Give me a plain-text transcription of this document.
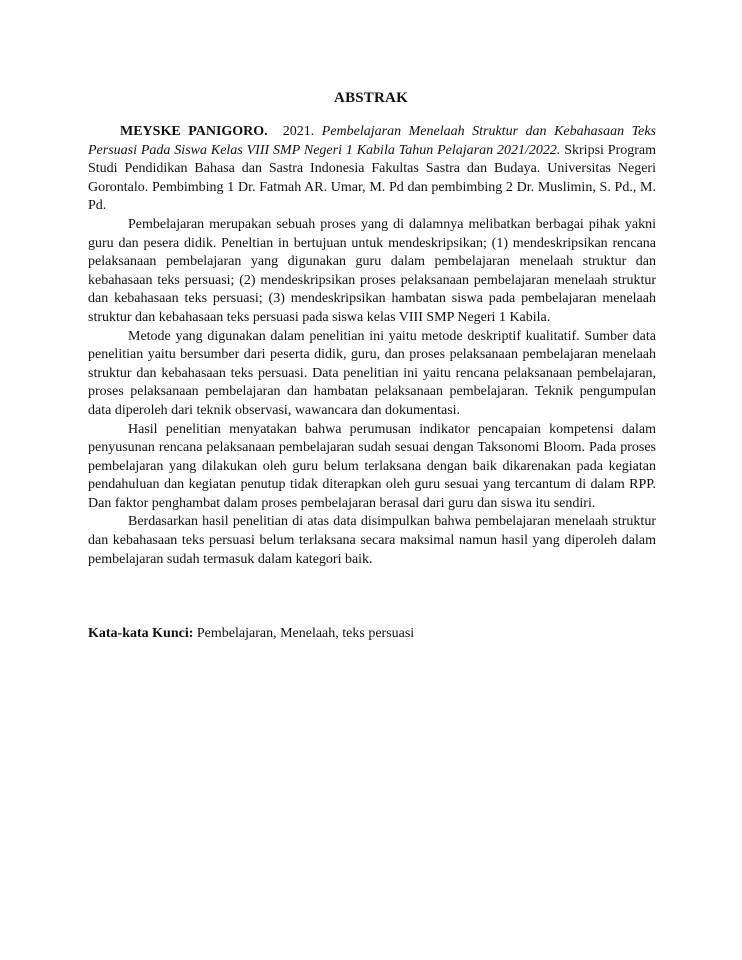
ABSTRAK

MEYSKE PANIGORO. 2021. Pembelajaran Menelaah Struktur dan Kebahasaan Teks Persuasi Pada Siswa Kelas VIII SMP Negeri 1 Kabila Tahun Pelajaran 2021/2022. Skripsi Program Studi Pendidikan Bahasa dan Sastra Indonesia Fakultas Sastra dan Budaya. Universitas Negeri Gorontalo. Pembimbing 1 Dr. Fatmah AR. Umar, M. Pd dan pembimbing 2 Dr. Muslimin, S. Pd., M. Pd.

Pembelajaran merupakan sebuah proses yang di dalamnya melibatkan berbagai pihak yakni guru dan pesera didik. Peneltian in bertujuan untuk mendeskripsikan; (1) mendeskripsikan rencana pelaksanaan pembelajaran yang digunakan guru dalam pembelajaran menelaah struktur dan kebahasaan teks persuasi; (2) mendeskripsikan proses pelaksanaan pembelajaran menelaah struktur dan kebahasaan teks persuasi; (3) mendeskripsikan hambatan siswa pada pembelajaran menelaah struktur dan kebahasaan teks persuasi pada siswa kelas VIII SMP Negeri 1 Kabila.

Metode yang digunakan dalam penelitian ini yaitu metode deskriptif kualitatif. Sumber data penelitian yaitu bersumber dari peserta didik, guru, dan proses pelaksanaan pembelajaran menelaah struktur dan kebahasaan teks persuasi. Data penelitian ini yaitu rencana pelaksanaan pembelajaran, proses pelaksanaan pembelajaran dan hambatan pelaksanaan pembelajaran. Teknik pengumpulan data diperoleh dari teknik observasi, wawancara dan dokumentasi.

Hasil penelitian menyatakan bahwa perumusan indikator pencapaian kompetensi dalam penyusunan rencana pelaksanaan pembelajaran sudah sesuai dengan Taksonomi Bloom. Pada proses pembelajaran yang dilakukan oleh guru belum terlaksana dengan baik dikarenakan pada kegiatan pendahuluan dan kegiatan penutup tidak diterapkan oleh guru sesuai yang tercantum di dalam RPP. Dan faktor penghambat dalam proses pembelajaran berasal dari guru dan siswa itu sendiri.

Berdasarkan hasil penelitian di atas data disimpulkan bahwa pembelajaran menelaah struktur dan kebahasaan teks persuasi belum terlaksana secara maksimal namun hasil yang diperoleh dalam pembelajaran sudah termasuk dalam kategori baik.

Kata-kata Kunci: Pembelajaran, Menelaah, teks persuasi
